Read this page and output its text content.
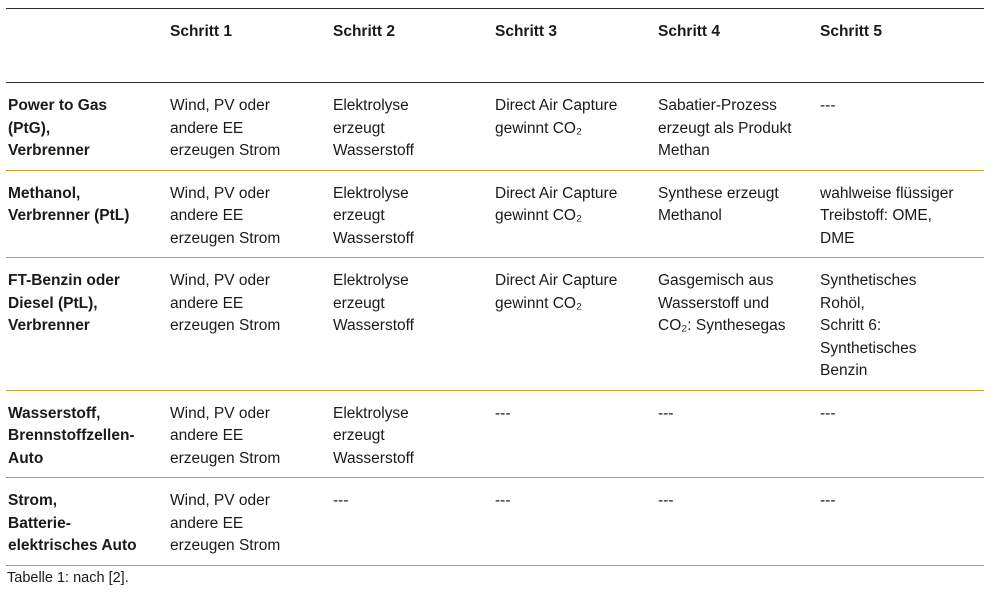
	Schritt 1	Schritt 2	Schritt 3	Schritt 4	Schritt 5

Power to Gas
(PtG),
Verbrenner	Wind, PV oder
andere EE
erzeugen Strom	Elektrolyse
erzeugt
Wasserstoff	Direct Air Capture
gewinnt CO₂	Sabatier-Prozess
erzeugt als Produkt
Methan	---

Methanol,
Verbrenner (PtL)	Wind, PV oder
andere EE
erzeugen Strom	Elektrolyse
erzeugt
Wasserstoff	Direct Air Capture
gewinnt CO₂	Synthese erzeugt
Methanol	wahlweise flüssiger
Treibstoff: OME,
DME

FT-Benzin oder
Diesel (PtL),
Verbrenner	Wind, PV oder
andere EE
erzeugen Strom	Elektrolyse
erzeugt
Wasserstoff	Direct Air Capture
gewinnt CO₂	Gasgemisch aus
Wasserstoff und
CO₂: Synthesegas	Synthetisches
Rohöl,
Schritt 6:
Synthetisches
Benzin

Wasserstoff,
Brennstoffzellen-
Auto	Wind, PV oder
andere EE
erzeugen Strom	Elektrolyse
erzeugt
Wasserstoff	---	---	---

Strom,
Batterie-
elektrisches Auto	Wind, PV oder
andere EE
erzeugen Strom	---	---	---	---
Tabelle 1: nach [2].
